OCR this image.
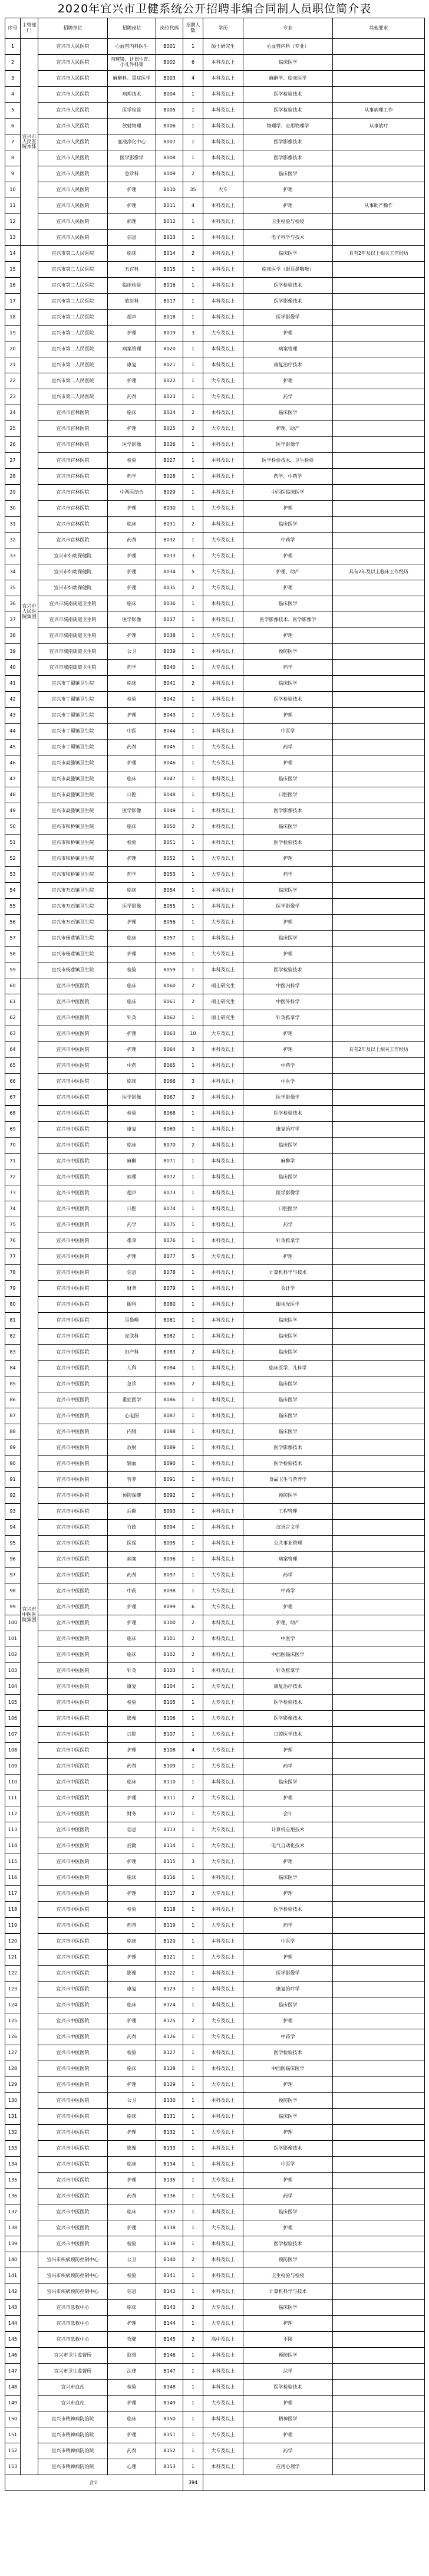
2020年宜兴市卫健系统公开招聘非编合同制人员职位简介表
序号	主管部门	招聘单位	招聘岗位	岗位代码	招聘人数	学历	专业	其他要求
1	宜兴市人民医院本体	宜兴市人民医院	心血管内科医生	B001	1	硕士研究生	心血管内科（专业）	
2		宜兴市人民医院	内窥镜、计划生育、小儿外科等	B002	6	本科及以上	临床医学	
3		宜兴市人民医院	麻醉科、重症医学	B003	4	本科及以上	麻醉学、临床医学	
4		宜兴市人民医院	病理技术	B004	1	本科及以上	医学检验技术	
5		宜兴市人民医院	医学检验	B005	1	本科及以上	医学检验技术	从事病理工作
6		宜兴市人民医院	放射物理	B006	1	本科及以上	物理学、应用物理学	从事放疗
7		宜兴市人民医院	血液净化中心	B007	1	本科及以上	医学影像技术	
8		宜兴市人民医院	医学影像学	B008	1	本科及以上	医学影像技术	
9		宜兴市人民医院	急诊科	B009	2	本科及以上	临床医学	
10		宜兴市人民医院	护理	B010	35	大专	护理	
11		宜兴市人民医院	护理	B011	4	本科及以上	护理	从事助产操作
12		宜兴市人民医院	病理	B012	1	本科及以上	卫生检验与检疫	
13		宜兴市人民医院	信息	B013	1	本科及以上	电子科学与技术	
14	宜兴市人民医院集团	宜兴市第二人民医院	临床	B014	2	本科及以上	临床医学	具有2年及以上相关工作经历
15		宜兴市第二人民医院	五官科	B015	1	本科及以上	临床医学（眼耳鼻咽喉）	
16		宜兴市第二人民医院	临床检验	B016	1	本科及以上	医学检验技术	
17		宜兴市第二人民医院	放射科	B017	1	本科及以上	医学影像技术	
18		宜兴市第二人民医院	超声	B018	1	本科及以上	医学影像学	
19		宜兴市第二人民医院	护理	B019	3	大专及以上	护理	
20		宜兴市第二人民医院	病案管理	B020	1	本科及以上	病案管理	
21		宜兴市第二人民医院	康复	B021	1	本科及以上	康复治疗技术	
22		宜兴市第二人民医院	护理	B022	1	大专及以上	护理	
23		宜兴市第二人民医院	药剂	B023	1	大专及以上	药学	
24		宜兴市官林医院	临床	B024	2	本科及以上	临床医学	
25		宜兴市官林医院	护理	B025	2	大专及以上	护理、助产	
26		宜兴市官林医院	医学影像	B026	1	本科及以上	医学影像学	
27		宜兴市官林医院	检验	B027	1	本科及以上	医学检验技术、卫生检验	
28		宜兴市官林医院	药学	B028	1	本科及以上	药学、中药学	
29		宜兴市官林医院	中西医结合	B029	1	本科及以上	中西医临床医学	
30		宜兴市官林医院	护理	B030	1	大专及以上	护理	
31		宜兴市官林医院	临床	B031	2	本科及以上	临床医学	
32		宜兴市官林医院	药剂	B032	1	大专及以上	中药学	
33		宜兴市妇幼保健院	护理	B033	3	大专及以上	护理	
34		宜兴市妇幼保健院	护理	B034	5	大专及以上	护理、助产	具有2年及以上临床工作经历
35		宜兴市妇幼保健院	护理	B035	2	大专及以上	护理	
36		宜兴市城南街道卫生院	临床	B036	1	本科及以上	临床医学	
37		宜兴市城南街道卫生院	医学影像	B037	1	本科及以上	医学影像技术、医学影像学	
38		宜兴市城南街道卫生院	护理	B038	1	大专及以上	护理	
39		宜兴市城南街道卫生院	公卫	B039	1	本科及以上	预防医学	
40		宜兴市城南街道卫生院	药学	B040	1	大专及以上	药学	
41		宜兴市丁蜀镇卫生院	临床	B041	2	本科及以上	临床医学	
42		宜兴市丁蜀镇卫生院	检验	B042	1	本科及以上	医学检验技术	
43		宜兴市丁蜀镇卫生院	护理	B043	1	大专及以上	护理	
44		宜兴市丁蜀镇卫生院	中医	B044	1	本科及以上	中医学	
45		宜兴市丁蜀镇卫生院	药剂	B045	1	大专及以上	药学	
46		宜兴市高塍镇卫生院	护理	B046	1	大专及以上	护理	
47		宜兴市高塍镇卫生院	临床	B047	1	本科及以上	临床医学	
48		宜兴市高塍镇卫生院	口腔	B048	1	本科及以上	口腔医学	
49		宜兴市高塍镇卫生院	医学影像	B049	1	本科及以上	医学影像技术	
50		宜兴市和桥镇卫生院	临床	B050	2	本科及以上	临床医学	
51		宜兴市和桥镇卫生院	检验	B051	1	本科及以上	医学检验技术	
52		宜兴市和桥镇卫生院	护理	B052	1	大专及以上	护理	
53		宜兴市和桥镇卫生院	药学	B053	1	大专及以上	药学	
54		宜兴市万石镇卫生院	临床	B054	1	本科及以上	临床医学	
55		宜兴市万石镇卫生院	医学影像	B055	1	本科及以上	医学影像学	
56		宜兴市万石镇卫生院	护理	B056	1	大专及以上	护理	
57		宜兴市杨巷镇卫生院	临床	B057	1	本科及以上	临床医学	
58		宜兴市杨巷镇卫生院	护理	B058	1	大专及以上	护理	
59		宜兴市杨巷镇卫生院	检验	B059	1	本科及以上	医学检验技术	
60	宜兴市中医医院集团	宜兴市中医医院	临床	B060	2	硕士研究生	中医内科学	
61		宜兴市中医医院	临床	B061	2	硕士研究生	中医外科学	
62		宜兴市中医医院	针灸	B062	1	硕士研究生	针灸推拿学	
63		宜兴市中医医院	护理	B063	10	大专及以上	护理	
64		宜兴市中医医院	护理	B064	3	本科及以上	护理	具有2年及以上相关工作经历
65		宜兴市中医医院	中药	B065	1	本科及以上	中药学	
66		宜兴市中医医院	临床	B066	3	本科及以上	中医学	
67		宜兴市中医医院	医学影像	B067	2	本科及以上	医学影像学	
68		宜兴市中医医院	检验	B068	1	本科及以上	医学检验技术	
69		宜兴市中医医院	康复	B069	1	本科及以上	康复治疗学	
70		宜兴市中医医院	临床	B070	2	本科及以上	临床医学	
71		宜兴市中医医院	麻醉	B071	1	本科及以上	麻醉学	
72		宜兴市中医医院	病理	B072	1	本科及以上	临床医学	
73		宜兴市中医医院	超声	B073	1	本科及以上	医学影像学	
74		宜兴市中医医院	口腔	B074	1	本科及以上	口腔医学	
75		宜兴市中医医院	药学	B075	1	本科及以上	药学	
76		宜兴市中医医院	推拿	B076	1	本科及以上	针灸推拿学	
77		宜兴市中医医院	护理	B077	5	大专及以上	护理	
78		宜兴市中医医院	信息	B078	1	本科及以上	计算机科学与技术	
79		宜兴市中医医院	财务	B079	1	本科及以上	会计学	
80		宜兴市中医医院	眼科	B080	1	本科及以上	眼视光医学	
81		宜兴市中医医院	耳鼻喉	B081	1	本科及以上	临床医学	
82		宜兴市中医医院	皮肤科	B082	1	本科及以上	临床医学	
83		宜兴市中医医院	妇产科	B083	2	本科及以上	临床医学	
84		宜兴市中医医院	儿科	B084	1	本科及以上	临床医学、儿科学	
85		宜兴市中医医院	急诊	B085	2	本科及以上	临床医学	
86		宜兴市中医医院	重症医学	B086	1	本科及以上	临床医学	
87		宜兴市中医医院	心电图	B087	1	本科及以上	临床医学	
88		宜兴市中医医院	内镜	B088	1	本科及以上	临床医学	
89		宜兴市中医医院	放射	B089	1	本科及以上	医学影像技术	
90		宜兴市中医医院	输血	B090	1	本科及以上	医学检验技术	
91		宜兴市中医医院	营养	B091	1	本科及以上	食品卫生与营养学	
92		宜兴市中医医院	预防保健	B092	1	本科及以上	预防医学	
93		宜兴市中医医院	后勤	B093	1	本科及以上	工程管理	
94		宜兴市中医医院	行政	B094	1	本科及以上	汉语言文学	
95		宜兴市中医医院	医保	B095	1	本科及以上	公共事业管理	
96		宜兴市中医医院	病案	B096	1	本科及以上	病案管理	
97		宜兴市中医医院	药剂	B097	1	大专及以上	药学	
98		宜兴市中医医院	中药	B098	1	大专及以上	中药学	
99		宜兴市中医医院	护理	B099	6	大专及以上	护理	
100		宜兴市中医医院	护理	B100	2	本科及以上	护理、助产	
101		宜兴市中医医院	临床	B101	2	本科及以上	中医学	
102		宜兴市中医医院	临床	B102	2	本科及以上	中西医临床医学	
103		宜兴市中医医院	针灸	B103	1	本科及以上	针灸推拿学	
104		宜兴市中医医院	康复	B104	1	大专及以上	康复治疗技术	
105		宜兴市中医医院	检验	B105	1	大专及以上	医学检验技术	
106		宜兴市中医医院	影像	B106	1	大专及以上	医学影像技术	
107		宜兴市中医医院	口腔	B107	1	大专及以上	口腔医学技术	
108		宜兴市中医医院	护理	B108	4	大专及以上	护理	
109		宜兴市中医医院	药剂	B109	1	大专及以上	药学	
110		宜兴市中医医院	临床	B110	1	本科及以上	临床医学	
111		宜兴市中医医院	护理	B111	2	大专及以上	护理	
112		宜兴市中医医院	财务	B112	1	大专及以上	会计	
113		宜兴市中医医院	信息	B113	1	大专及以上	计算机应用技术	
114		宜兴市中医医院	后勤	B114	1	大专及以上	电气自动化技术	
115		宜兴市中医医院	护理	B115	3	大专及以上	护理	
116		宜兴市中医医院	临床	B116	1	本科及以上	临床医学	
117		宜兴市中医医院	护理	B117	2	大专及以上	护理	
118		宜兴市中医医院	检验	B118	1	本科及以上	医学检验技术	
119		宜兴市中医医院	药剂	B119	1	大专及以上	药学	
120		宜兴市中医医院	临床	B120	1	本科及以上	中医学	
121		宜兴市中医医院	护理	B121	1	大专及以上	护理	
122		宜兴市中医医院	影像	B122	1	本科及以上	医学影像学	
123		宜兴市中医医院	康复	B123	1	本科及以上	康复治疗学	
124		宜兴市中医医院	临床	B124	1	本科及以上	临床医学	
125		宜兴市中医医院	护理	B125	2	大专及以上	护理	
126		宜兴市中医医院	药剂	B126	1	大专及以上	中药学	
127		宜兴市中医医院	检验	B127	1	本科及以上	医学检验技术	
128		宜兴市中医医院	临床	B128	1	本科及以上	中西医临床医学	
129		宜兴市中医医院	护理	B129	1	大专及以上	护理	
130		宜兴市中医医院	公卫	B130	1	本科及以上	预防医学	
131		宜兴市中医医院	临床	B131	1	本科及以上	临床医学	
132		宜兴市中医医院	护理	B132	1	大专及以上	护理	
133		宜兴市中医医院	影像	B133	1	本科及以上	医学影像技术	
134		宜兴市中医医院	临床	B134	1	本科及以上	中医学	
135		宜兴市中医医院	护理	B135	1	大专及以上	护理	
136		宜兴市中医医院	药剂	B136	1	大专及以上	药学	
137		宜兴市中医医院	临床	B137	1	本科及以上	临床医学	
138		宜兴市中医医院	护理	B138	1	大专及以上	护理	
139		宜兴市中医医院	检验	B139	1	本科及以上	医学检验技术	
140		宜兴市疾病预防控制中心	公卫	B140	2	本科及以上	预防医学	
141		宜兴市疾病预防控制中心	检验	B141	1	本科及以上	卫生检验与检疫	
142		宜兴市疾病预防控制中心	信息	B142	1	本科及以上	计算机科学与技术	
143		宜兴市急救中心	临床	B143	2	大专及以上	临床医学	
144		宜兴市急救中心	护理	B144	1	大专及以上	护理	
145		宜兴市急救中心	驾驶	B145	2	高中及以上	不限	
146		宜兴市卫生监督所	监督	B146	1	本科及以上	预防医学	
147		宜兴市卫生监督所	法律	B147	1	本科及以上	法学	
148		宜兴市血站	检验	B148	1	本科及以上	医学检验技术	
149		宜兴市血站	护理	B149	1	大专及以上	护理	
150		宜兴市精神病防治院	临床	B150	1	本科及以上	精神医学	
151		宜兴市精神病防治院	护理	B151	1	大专及以上	护理	
152		宜兴市精神病防治院	药剂	B152	1	大专及以上	药学	
153		宜兴市精神病防治院	心理	B153	1	本科及以上	应用心理学	
合计					394			
